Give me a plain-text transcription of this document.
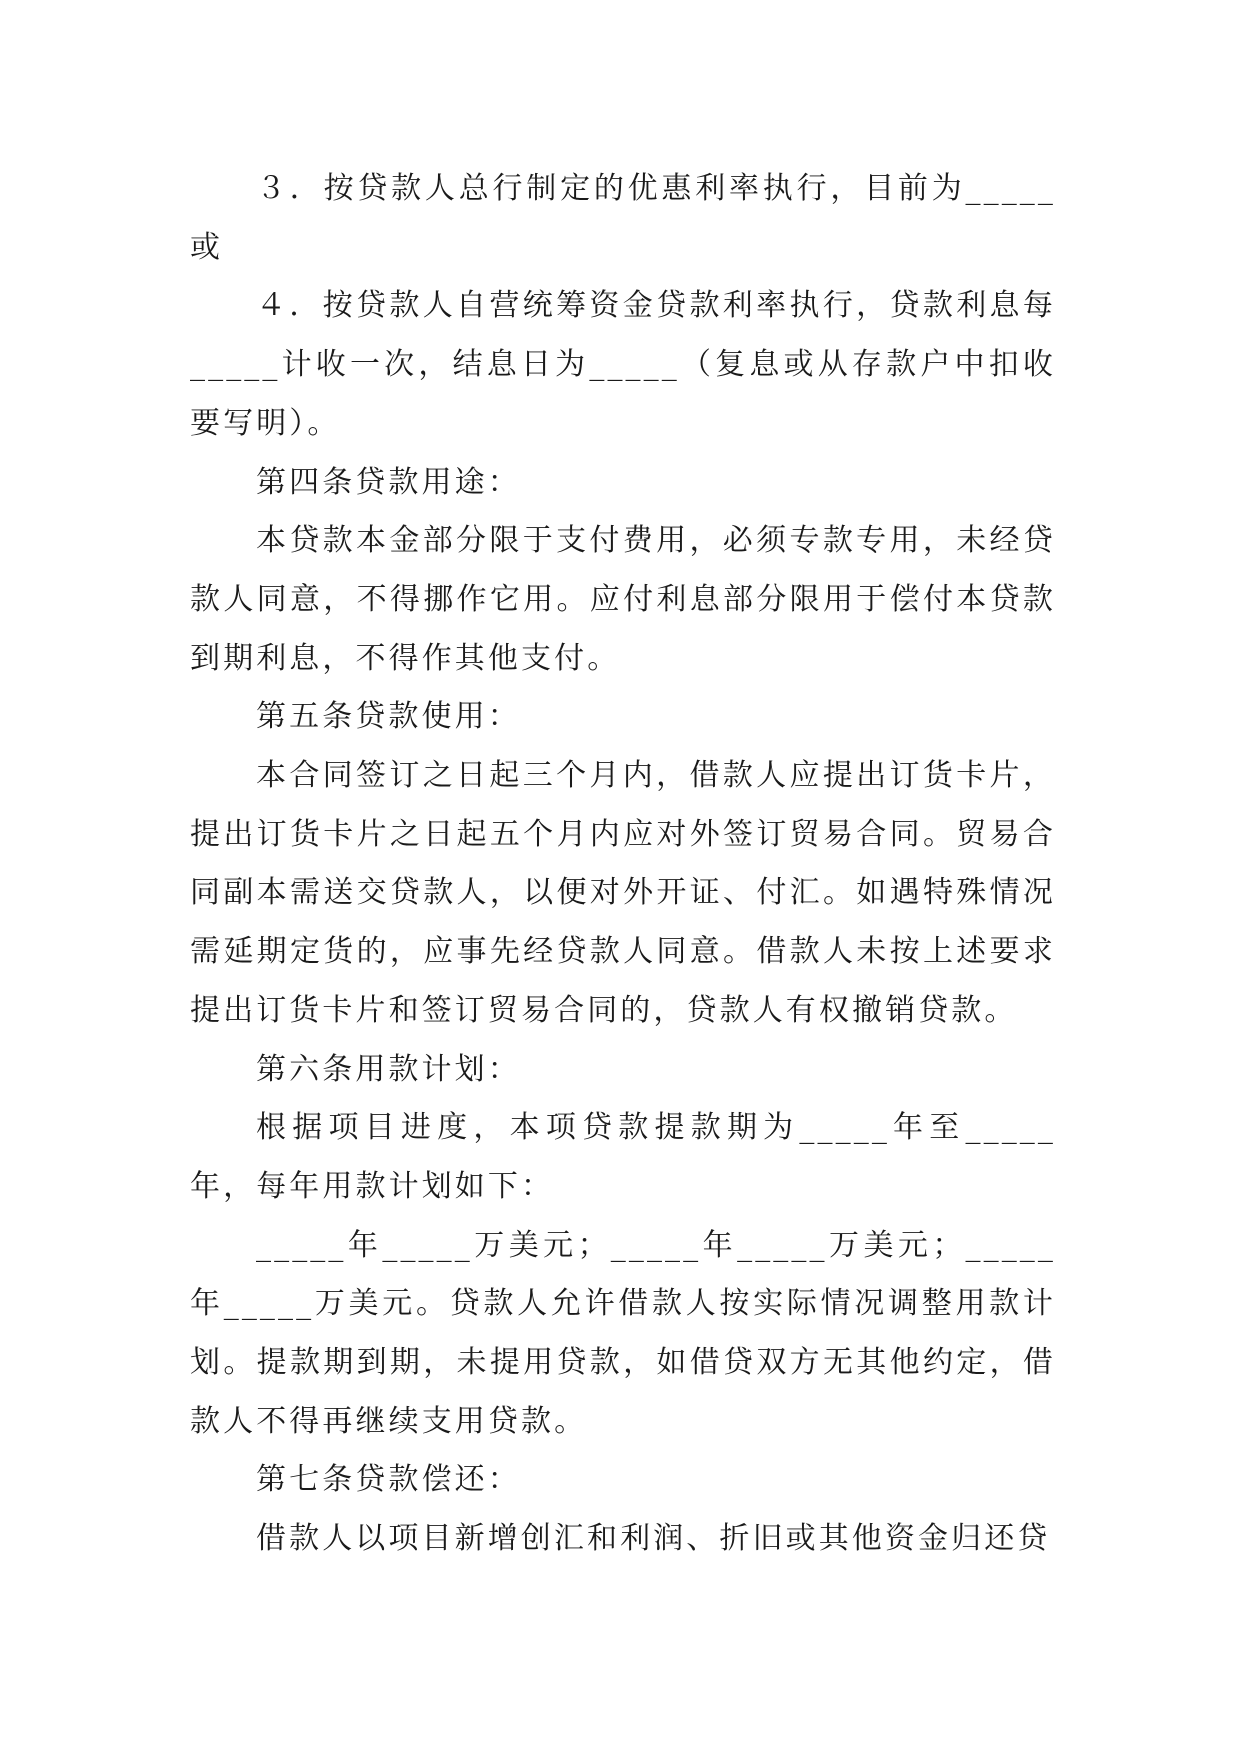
３．按贷款人总行制定的优惠利率执行，目前为_____或

４．按贷款人自营统筹资金贷款利率执行，贷款利息每_____计收一次，结息日为_____（复息或从存款户中扣收要写明）。

第四条贷款用途：

本贷款本金部分限于支付费用，必须专款专用，未经贷款人同意，不得挪作它用。应付利息部分限用于偿付本贷款到期利息，不得作其他支付。

第五条贷款使用：

本合同签订之日起三个月内，借款人应提出订货卡片，提出订货卡片之日起五个月内应对外签订贸易合同。贸易合同副本需送交贷款人，以便对外开证、付汇。如遇特殊情况需延期定货的，应事先经贷款人同意。借款人未按上述要求提出订货卡片和签订贸易合同的，贷款人有权撤销贷款。

第六条用款计划：

根据项目进度，本项贷款提款期为_____年至_____年，每年用款计划如下：

_____年_____万美元；_____年_____万美元；_____年_____万美元。贷款人允许借款人按实际情况调整用款计划。提款期到期，未提用贷款，如借贷双方无其他约定，借款人不得再继续支用贷款。

第七条贷款偿还：

借款人以项目新增创汇和利润、折旧或其他资金归还贷
